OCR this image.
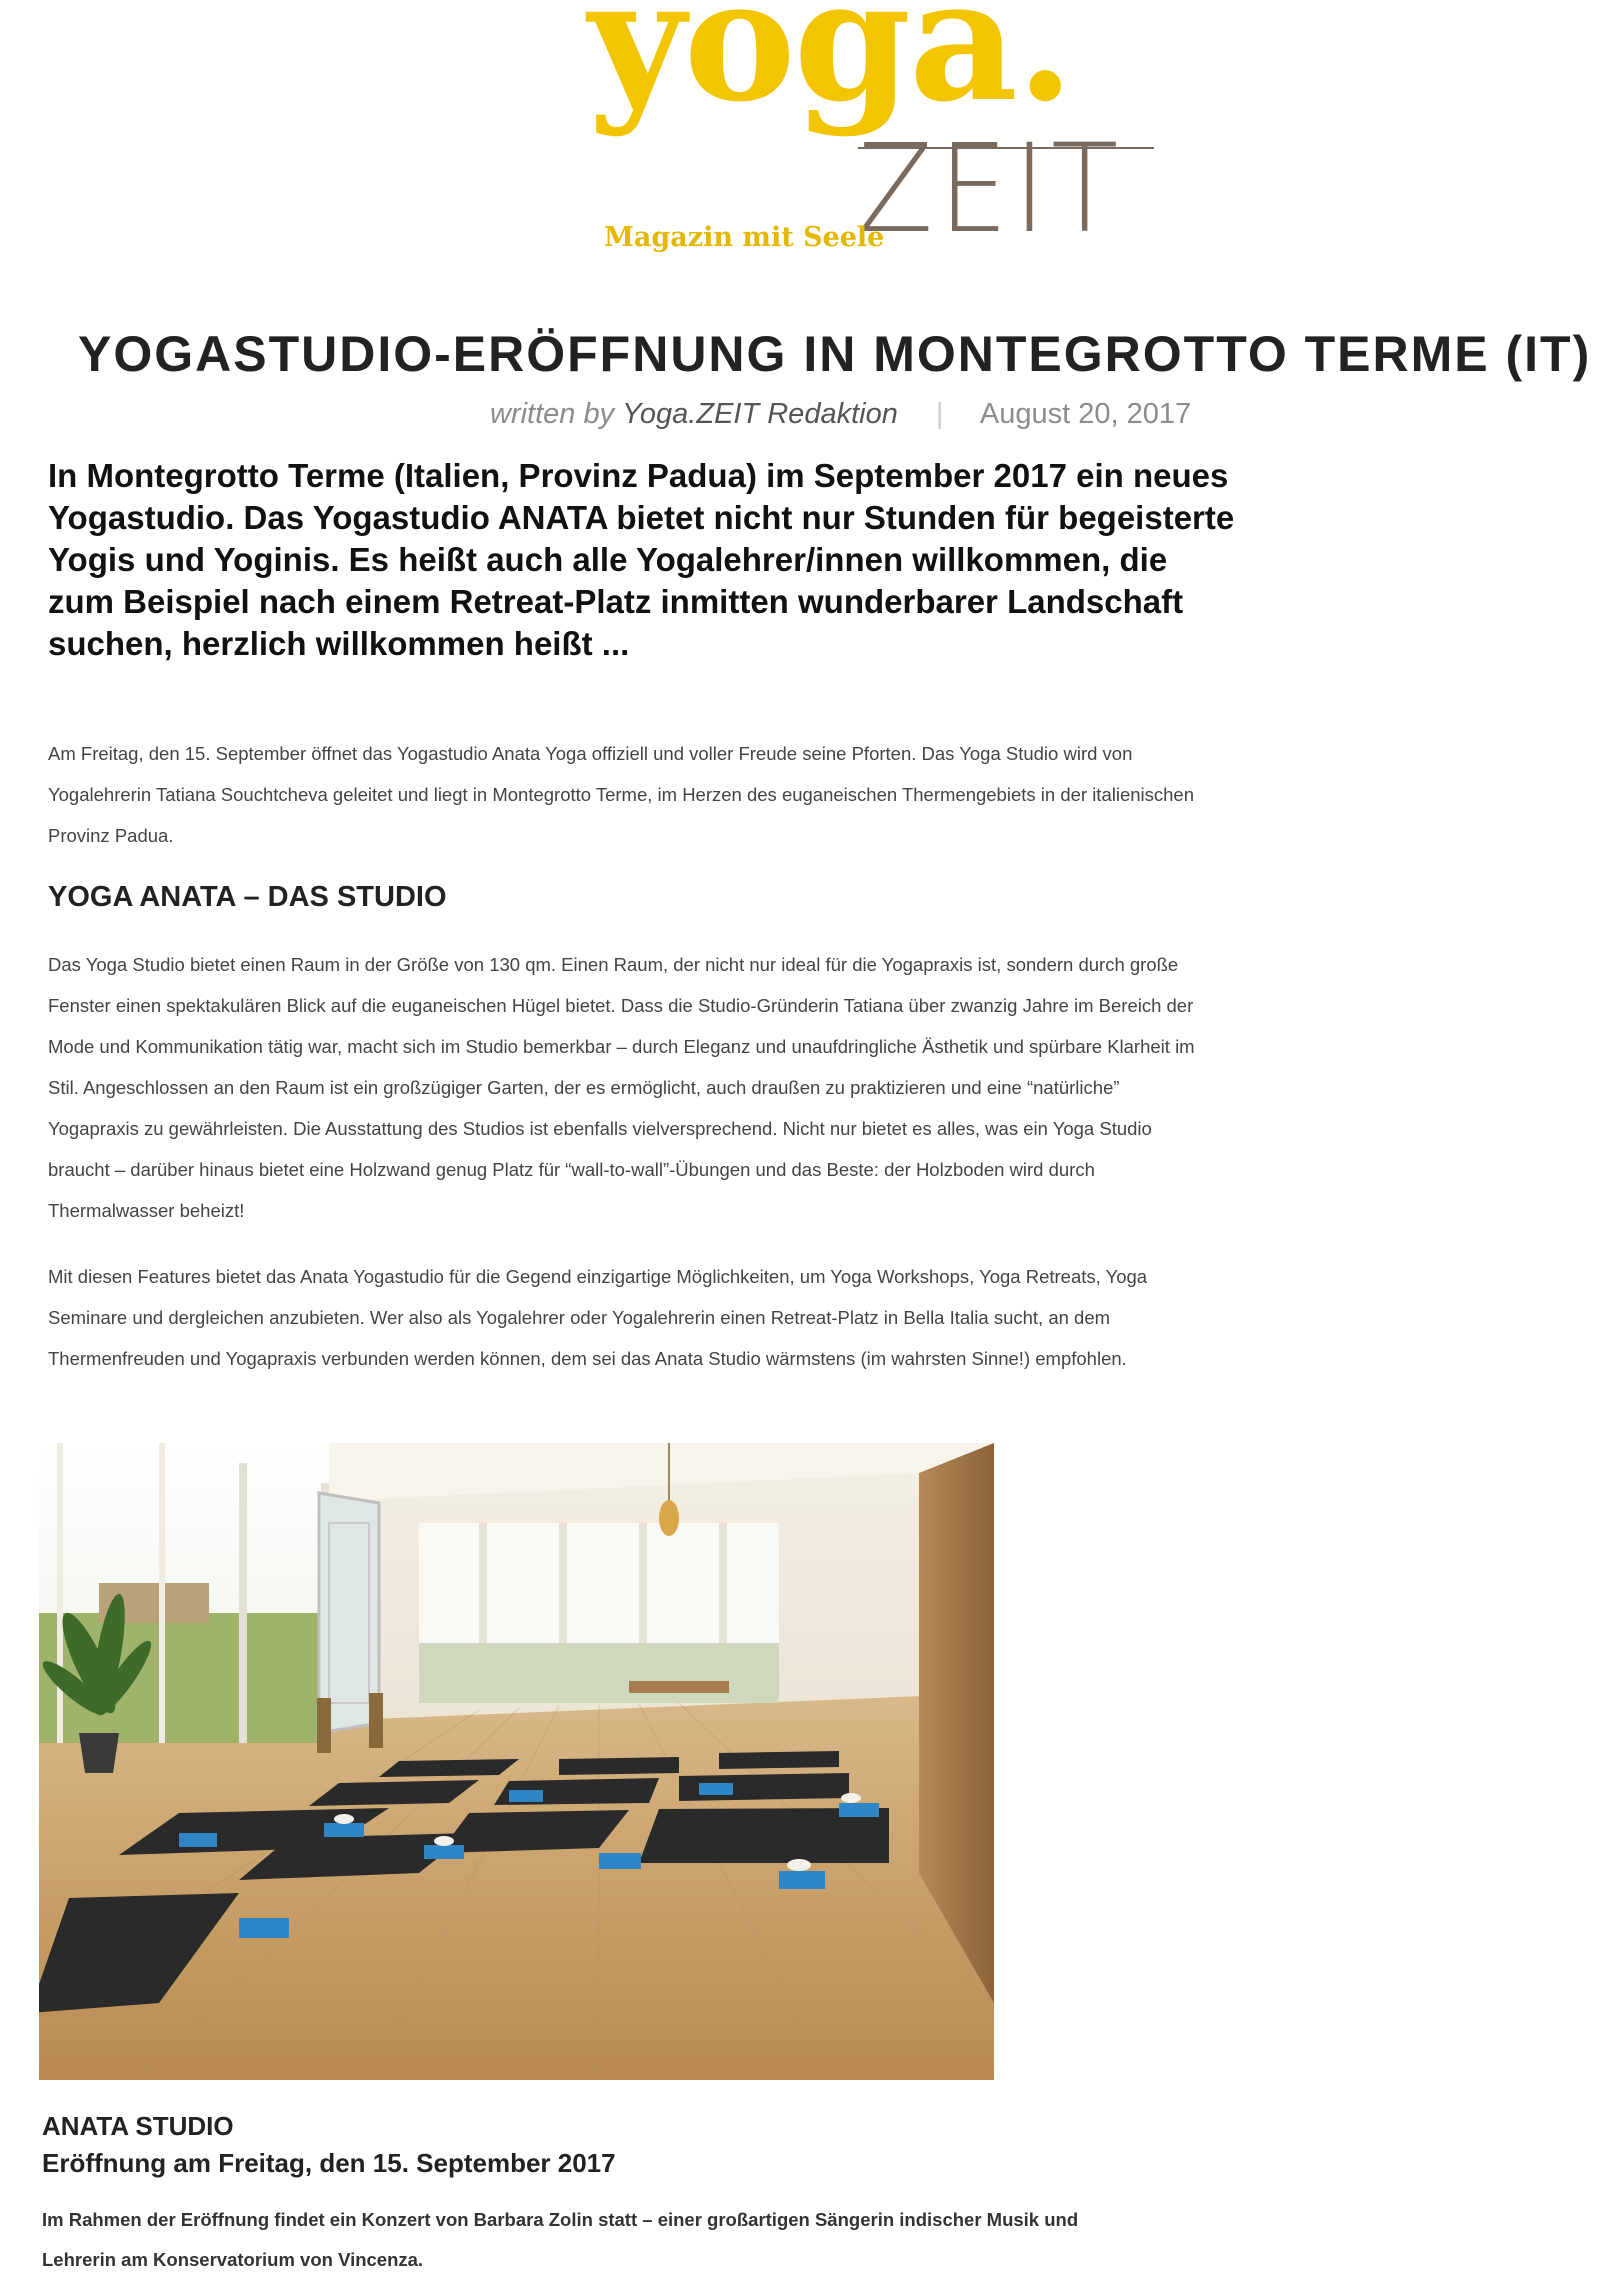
yoga.
ZEIT
Magazin mit Seele
YOGASTUDIO-ERÖFFNUNG IN MONTEGROTTO TERME (IT)
written by Yoga.ZEIT Redaktion | August 20, 2017

In Montegrotto Terme (Italien, Provinz Padua) im September 2017 ein neues Yogastudio. Das Yogastudio ANATA bietet nicht nur Stunden für begeisterte Yogis und Yoginis. Es heißt auch alle Yogalehrer/innen willkommen, die zum Beispiel nach einem Retreat-Platz inmitten wunderbarer Landschaft suchen, herzlich willkommen heißt ...

Am Freitag, den 15. September öffnet das Yogastudio Anata Yoga offiziell und voller Freude seine Pforten. Das Yoga Studio wird von Yogalehrerin Tatiana Souchtcheva geleitet und liegt in Montegrotto Terme, im Herzen des euganeischen Thermengebiets in der italienischen Provinz Padua.

YOGA ANATA – DAS STUDIO

Das Yoga Studio bietet einen Raum in der Größe von 130 qm. Einen Raum, der nicht nur ideal für die Yogapraxis ist, sondern durch große Fenster einen spektakulären Blick auf die euganeischen Hügel bietet. Dass die Studio-Gründerin Tatiana über zwanzig Jahre im Bereich der Mode und Kommunikation tätig war, macht sich im Studio bemerkbar – durch Eleganz und unaufdringliche Ästhetik und spürbare Klarheit im Stil. Angeschlossen an den Raum ist ein großzügiger Garten, der es ermöglicht, auch draußen zu praktizieren und eine “natürliche” Yogapraxis zu gewährleisten. Die Ausstattung des Studios ist ebenfalls vielversprechend. Nicht nur bietet es alles, was ein Yoga Studio braucht – darüber hinaus bietet eine Holzwand genug Platz für “wall-to-wall”-Übungen und das Beste: der Holzboden wird durch Thermalwasser beheizt!

Mit diesen Features bietet das Anata Yogastudio für die Gegend einzigartige Möglichkeiten, um Yoga Workshops, Yoga Retreats, Yoga Seminare und dergleichen anzubieten. Wer also als Yogalehrer oder Yogalehrerin einen Retreat-Platz in Bella Italia sucht, an dem Thermenfreuden und Yogapraxis verbunden werden können, dem sei das Anata Studio wärmstens (im wahrsten Sinne!) empfohlen.

ANATA STUDIO
Eröffnung am Freitag, den 15. September 2017

Im Rahmen der Eröffnung findet ein Konzert von Barbara Zolin statt – einer großartigen Sängerin indischer Musik und Lehrerin am Konservatorium von Vincenza.
